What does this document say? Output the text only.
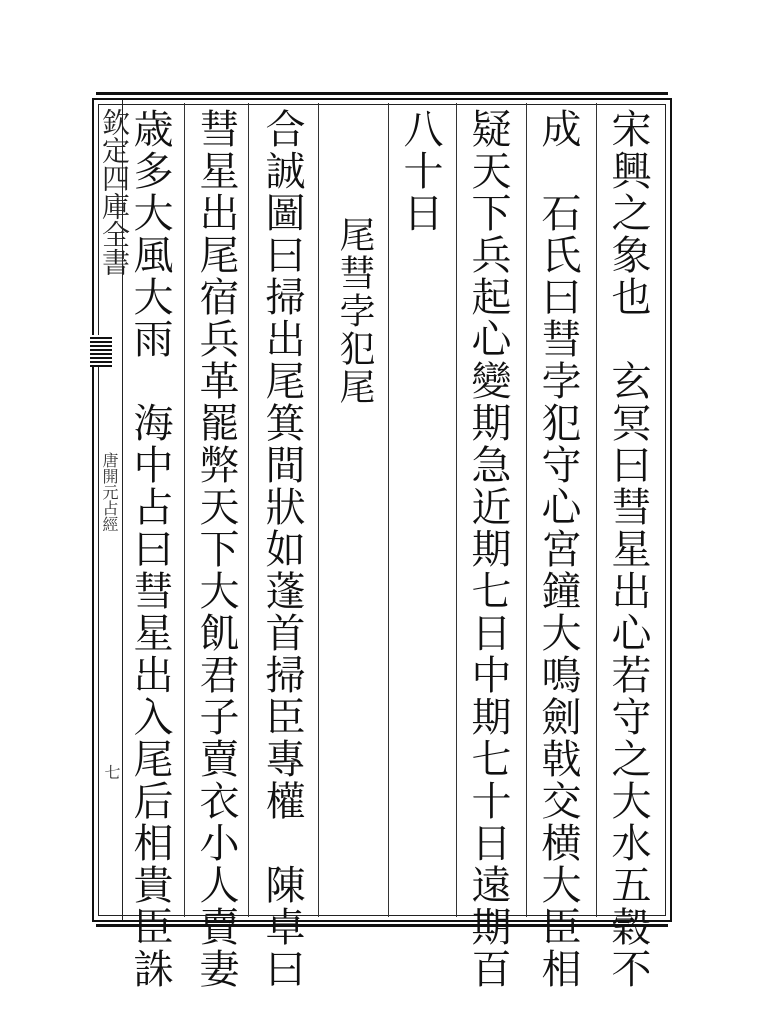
欽定四庫全書	宋興之象也　玄冥曰彗星出心若守之大水五穀不
成　石氏曰彗孛犯守心宮鐘大鳴劍戟交横大臣相
疑天下兵起心變期急近期七日中期七十日遠期百
八十日
尾彗孛犯尾
合誠圖曰掃出尾箕間狀如蓬首掃臣專權　陳卓曰
彗星出尾宿兵革罷弊天下大飢君子賣衣小人賣妻
歳多大風大雨　海中占曰彗星出入尾后相貴臣誅
唐開元占經
七
